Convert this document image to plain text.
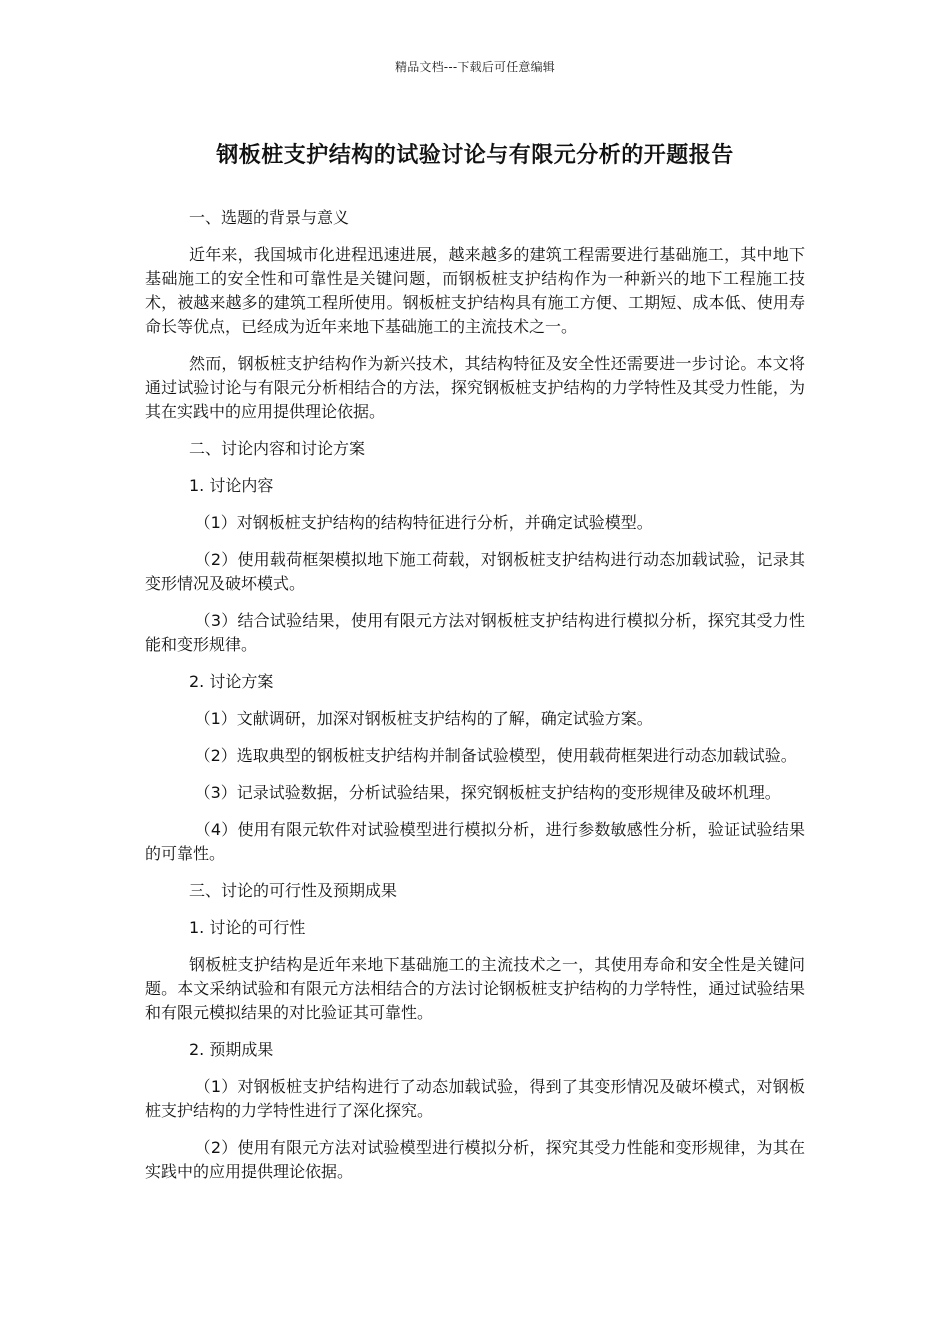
精品文档---下载后可任意编辑
钢板桩支护结构的试验讨论与有限元分析的开题报告
一、选题的背景与意义
近年来，我国城市化进程迅速进展，越来越多的建筑工程需要进行基础施工，其中地下基础施工的安全性和可靠性是关键问题，而钢板桩支护结构作为一种新兴的地下工程施工技术，被越来越多的建筑工程所使用。钢板桩支护结构具有施工方便、工期短、成本低、使用寿命长等优点，已经成为近年来地下基础施工的主流技术之一。
然而，钢板桩支护结构作为新兴技术，其结构特征及安全性还需要进一步讨论。本文将通过试验讨论与有限元分析相结合的方法，探究钢板桩支护结构的力学特性及其受力性能，为其在实践中的应用提供理论依据。
二、讨论内容和讨论方案
1. 讨论内容
（1）对钢板桩支护结构的结构特征进行分析，并确定试验模型。
（2）使用载荷框架模拟地下施工荷载，对钢板桩支护结构进行动态加载试验，记录其变形情况及破坏模式。
（3）结合试验结果，使用有限元方法对钢板桩支护结构进行模拟分析，探究其受力性能和变形规律。
2. 讨论方案
（1）文献调研，加深对钢板桩支护结构的了解，确定试验方案。
（2）选取典型的钢板桩支护结构并制备试验模型，使用载荷框架进行动态加载试验。
（3）记录试验数据，分析试验结果，探究钢板桩支护结构的变形规律及破坏机理。
（4）使用有限元软件对试验模型进行模拟分析，进行参数敏感性分析，验证试验结果的可靠性。
三、讨论的可行性及预期成果
1. 讨论的可行性
钢板桩支护结构是近年来地下基础施工的主流技术之一，其使用寿命和安全性是关键问题。本文采纳试验和有限元方法相结合的方法讨论钢板桩支护结构的力学特性，通过试验结果和有限元模拟结果的对比验证其可靠性。
2. 预期成果
（1）对钢板桩支护结构进行了动态加载试验，得到了其变形情况及破坏模式，对钢板桩支护结构的力学特性进行了深化探究。
（2）使用有限元方法对试验模型进行模拟分析，探究其受力性能和变形规律，为其在实践中的应用提供理论依据。
